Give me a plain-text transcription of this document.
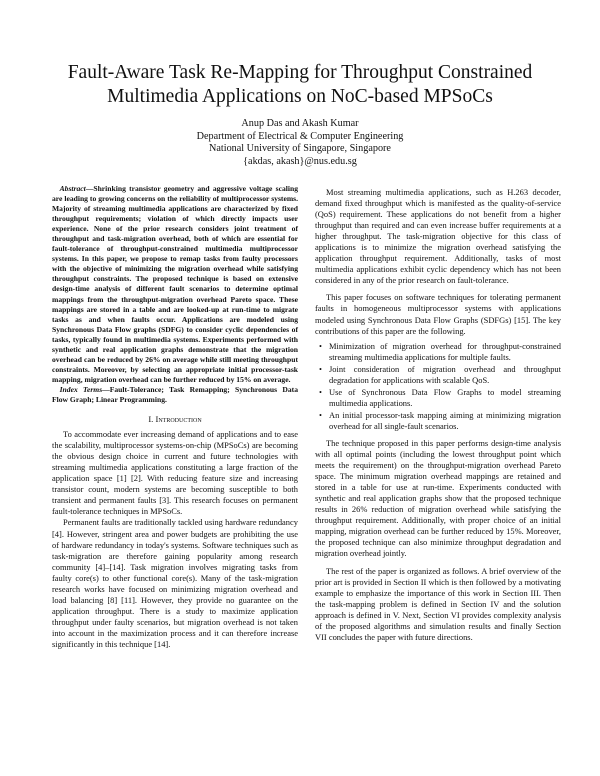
Fault-Aware Task Re-Mapping for Throughput Constrained Multimedia Applications on NoC-based MPSoCs
Anup Das and Akash Kumar
Department of Electrical & Computer Engineering
National University of Singapore, Singapore
{akdas, akash}@nus.edu.sg

 Abstract—Shrinking transistor geometry and aggressive voltage scaling are leading to growing concerns on the reliability of multiprocessor systems. Majority of streaming multimedia applications are characterized by fixed throughput requirements; violation of which directly impacts user experience. None of the prior research considers joint treatment of throughput and task-migration overhead, both of which are essential for fault-tolerance of throughput-constrained multimedia multiprocessor systems. In this paper, we propose to remap tasks from faulty processors with the objective of minimizing the migration overhead while satisfying throughput constraints. The proposed technique is based on extensive design-time analysis of different fault scenarios to determine optimal mappings from the throughput-migration overhead Pareto space. These mappings are stored in a table and are looked-up at run-time to migrate tasks as and when faults occur. Applications are modeled using Synchronous Data Flow graphs (SDFG) to consider cyclic dependencies of tasks, typically found in multimedia systems. Experiments performed with synthetic and real application graphs demonstrate that the migration overhead can be reduced by 26% on average while still meeting throughput constraints. Moreover, by selecting an appropriate initial processor-task mapping, migration overhead can be further reduced by 15% on average.

 Index Terms—Fault-Tolerance; Task Remapping; Synchronous Data Flow Graph; Linear Programming.

I. Introduction

To accommodate ever increasing demand of applications and to ease the scalability, multiprocessor systems-on-chip (MPSoCs) are becoming the obvious design choice in current and future technologies with streaming multimedia applications constituting a large fraction of the application space [1] [2]. With reducing feature size and increasing transistor count, modern systems are becoming susceptible to both transient and permanent faults [3]. This research focuses on permanent fault-tolerance techniques in MPSoCs.

Permanent faults are traditionally tackled using hardware redundancy [4]. However, stringent area and power budgets are prohibiting the use of hardware redundancy in today's systems. Software techniques such as task-migration are therefore gaining popularity among research community [4]–[14]. Task migration involves migrating tasks from faulty core(s) to other functional core(s). Many of the task-migration research works have focused on minimizing migration overhead and load balancing [8] [11]. However, they provide no guarantee on the application throughput. There is a study to maximize application throughput under faulty scenarios, but migration overhead is not taken into account in the maximization process and it can therefore increase significantly in this technique [14].

Most streaming multimedia applications, such as H.263 decoder, demand fixed throughput which is manifested as the quality-of-service (QoS) requirement. These applications do not benefit from a higher throughput than required and can even increase buffer requirements at a higher throughput. The task-migration objective for this class of applications is to minimize the migration overhead satisfying the application throughput requirement. Additionally, tasks of most multimedia applications exhibit cyclic dependency which has not been considered in any of the prior research on fault-tolerance.

This paper focuses on software techniques for tolerating permanent faults in homogeneous multiprocessor systems with applications modeled using Synchronous Data Flow Graphs (SDFGs) [15]. The key contributions of this paper are the following.

• Minimization of migration overhead for throughput-constrained streaming multimedia applications for multiple faults.
• Joint consideration of migration overhead and throughput degradation for applications with scalable QoS.
• Use of Synchronous Data Flow Graphs to model streaming multimedia applications.
• An initial processor-task mapping aiming at minimizing migration overhead for all single-fault scenarios.

The technique proposed in this paper performs design-time analysis with all optimal points (including the lowest throughput point which meets the requirement) on the throughput-migration overhead Pareto space. The minimum migration overhead mappings are retained and stored in a table for use at run-time. Experiments conducted with synthetic and real application graphs show that the proposed technique results in 26% reduction of migration overhead while satisfying the throughput requirement. Additionally, with proper choice of an initial mapping, migration overhead can be further reduced by 15%. Moreover, the proposed technique can also minimize throughput degradation and migration overhead jointly.

The rest of the paper is organized as follows. A brief overview of the prior art is provided in Section II which is then followed by a motivating example to emphasize the importance of this work in Section III. Then the task-mapping problem is defined in Section IV and the solution approach is defined in V. Next, Section VI provides complexity analysis of the proposed algorithms and simulation results and finally Section VII concludes the paper with future directions.
